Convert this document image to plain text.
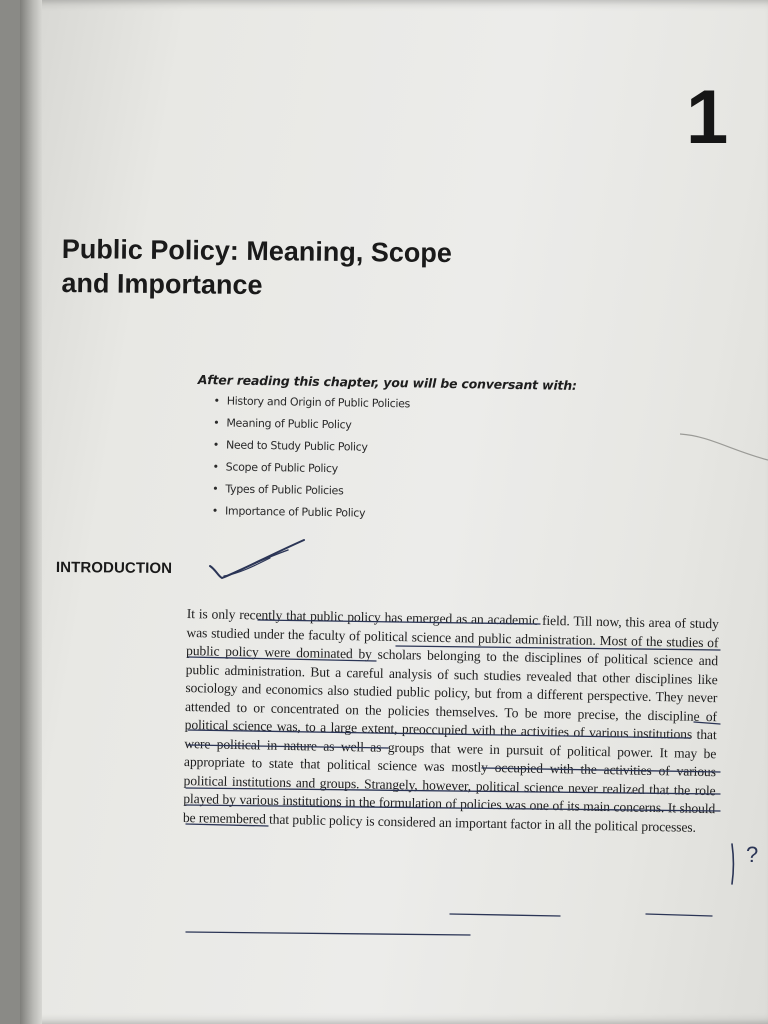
1
Public Policy: Meaning, Scope
and Importance
After reading this chapter, you will be conversant with:
• History and Origin of Public Policies
• Meaning of Public Policy
• Need to Study Public Policy
• Scope of Public Policy
• Types of Public Policies
• Importance of Public Policy
INTRODUCTION

It is only recently that public policy has emerged as an academic field. Till now, this area of study was studied under the faculty of political science and public administration. Most of the studies of public policy were dominated by scholars belonging to the disciplines of political science and public administration. But a careful analysis of such studies revealed that other disciplines like sociology and economics also studied public policy, but from a different perspective. They never attended to or concentrated on the policies themselves. To be more precise, the discipline of political science was, to a large extent, preoccupied with the activities of various institutions that were political in nature as well as groups that were in pursuit of political power. It may be appropriate to state that political science was mostly occupied with the activities of various political institutions and groups. Strangely, however, political science never realized that the role played by various institutions in the formulation of policies was one of its main concerns. It should be remembered that public policy is considered an important factor in all the political processes.

?
